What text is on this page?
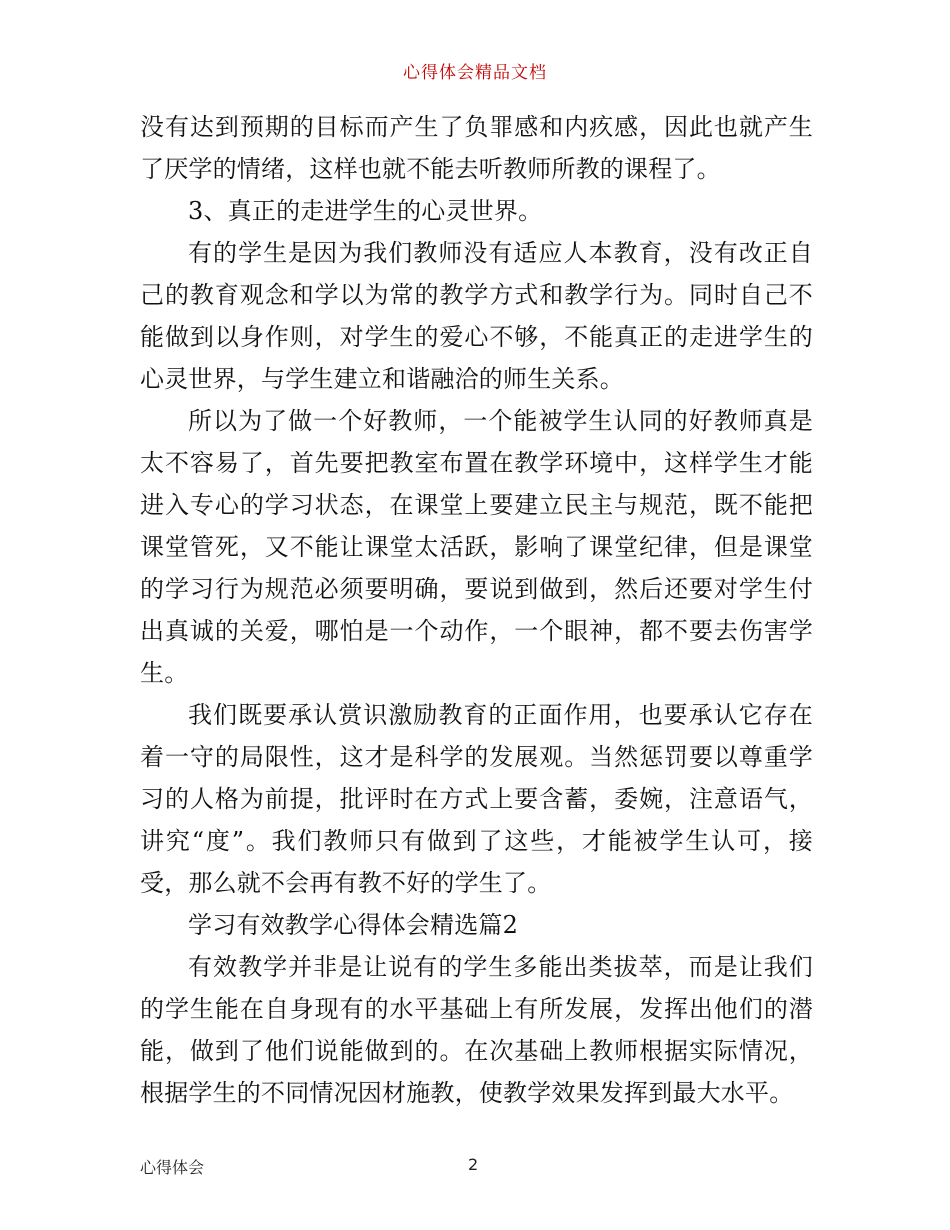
心得体会精品文档

没有达到预期的目标而产生了负罪感和内疚感，因此也就产生了厌学的情绪，这样也就不能去听教师所教的课程了。

3、真正的走进学生的心灵世界。

有的学生是因为我们教师没有适应人本教育，没有改正自己的教育观念和学以为常的教学方式和教学行为。同时自己不能做到以身作则，对学生的爱心不够，不能真正的走进学生的心灵世界，与学生建立和谐融洽的师生关系。

所以为了做一个好教师，一个能被学生认同的好教师真是太不容易了，首先要把教室布置在教学环境中，这样学生才能进入专心的学习状态，在课堂上要建立民主与规范，既不能把课堂管死，又不能让课堂太活跃，影响了课堂纪律，但是课堂的学习行为规范必须要明确，要说到做到，然后还要对学生付出真诚的关爱，哪怕是一个动作，一个眼神，都不要去伤害学生。

我们既要承认赏识激励教育的正面作用，也要承认它存在着一守的局限性，这才是科学的发展观。当然惩罚要以尊重学习的人格为前提，批评时在方式上要含蓄，委婉，注意语气，讲究“度”。我们教师只有做到了这些，才能被学生认可，接受，那么就不会再有教不好的学生了。

学习有效教学心得体会精选篇2

有效教学并非是让说有的学生多能出类拔萃，而是让我们的学生能在自身现有的水平基础上有所发展，发挥出他们的潜能，做到了他们说能做到的。在次基础上教师根据实际情况，根据学生的不同情况因材施教，使教学效果发挥到最大水平。

心得体会	2
